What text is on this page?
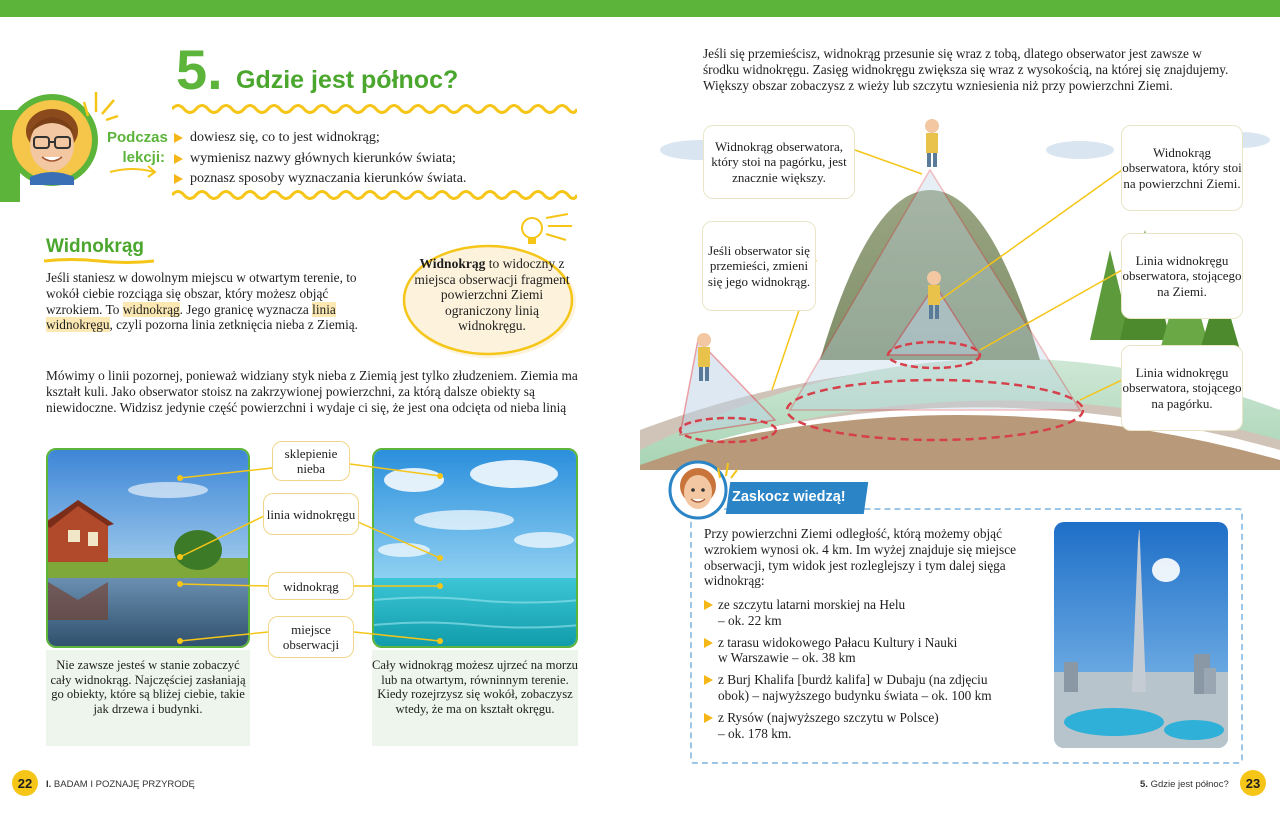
5. Gdzie jest północ?
Podczas
lekcji:
dowiesz się, co to jest widnokrąg;
wymienisz nazwy głównych kierunków świata;
poznasz sposoby wyznaczania kierunków świata.
Widnokrąg
Jeśli staniesz w dowolnym miejscu w otwartym terenie, to wokół ciebie rozciąga się obszar, który możesz objąć wzrokiem. To widnokrąg. Jego granicę wyznacza linia widnokręgu, czyli pozorna linia zetknięcia nieba z Ziemią.
Widnokrąg to widoczny z miejsca obserwacji fragment powierzchni Ziemi ograniczony linią widnokręgu.
Mówimy o linii pozornej, ponieważ widziany styk nieba z Ziemią jest tylko złudzeniem. Ziemia ma kształt kuli. Jako obserwator stoisz na zakrzywionej powierzchni, za którą dalsze obiekty są niewidoczne. Widzisz jedynie część powierzchni i wydaje ci się, że jest ona odcięta od nieba linią
sklepienie nieba
linia widnokręgu
widnokrąg
miejsce obserwacji
Nie zawsze jesteś w stanie zobaczyć cały widnokrąg. Najczęściej zasłaniają go obiekty, które są bliżej ciebie, takie jak drzewa i budynki.
Cały widnokrąg możesz ujrzeć na morzu lub na otwartym, równinnym terenie. Kiedy rozejrzysz się wokół, zobaczysz wtedy, że ma on kształt okręgu.
22	I. BADAM I POZNAJĘ PRZYRODĘ
Jeśli się przemieścisz, widnokrąg przesunie się wraz z tobą, dlatego obserwator jest zawsze w środku widnokręgu. Zasięg widnokręgu zwiększa się wraz z wysokością, na której się znajdujemy. Większy obszar zobaczysz z wieży lub szczytu wzniesienia niż przy powierzchni Ziemi.
Widnokrąg obserwatora, który stoi na pagórku, jest znacznie większy.
Jeśli obserwator się przemieści, zmieni się jego widnokrąg.
Widnokrąg obserwatora, który stoi na powierzchni Ziemi.
Linia widnokręgu obserwatora, stojącego na Ziemi.
Linia widnokręgu obserwatora, stojącego na pagórku.
Zaskocz wiedzą!
Przy powierzchni Ziemi odległość, którą możemy objąć wzrokiem wynosi ok. 4 km. Im wyżej znajduje się miejsce obserwacji, tym widok jest rozleglejszy i tym dalej sięga widnokrąg:
ze szczytu latarni morskiej na Helu
– ok. 22 km
z tarasu widokowego Pałacu Kultury i Nauki
w Warszawie – ok. 38 km
z Burj Khalifa [burdż kalifa] w Dubaju (na zdjęciu
obok) – najwyższego budynku świata – ok. 100 km
z Rysów (najwyższego szczytu w Polsce)
– ok. 178 km.
23
5. Gdzie jest północ?
